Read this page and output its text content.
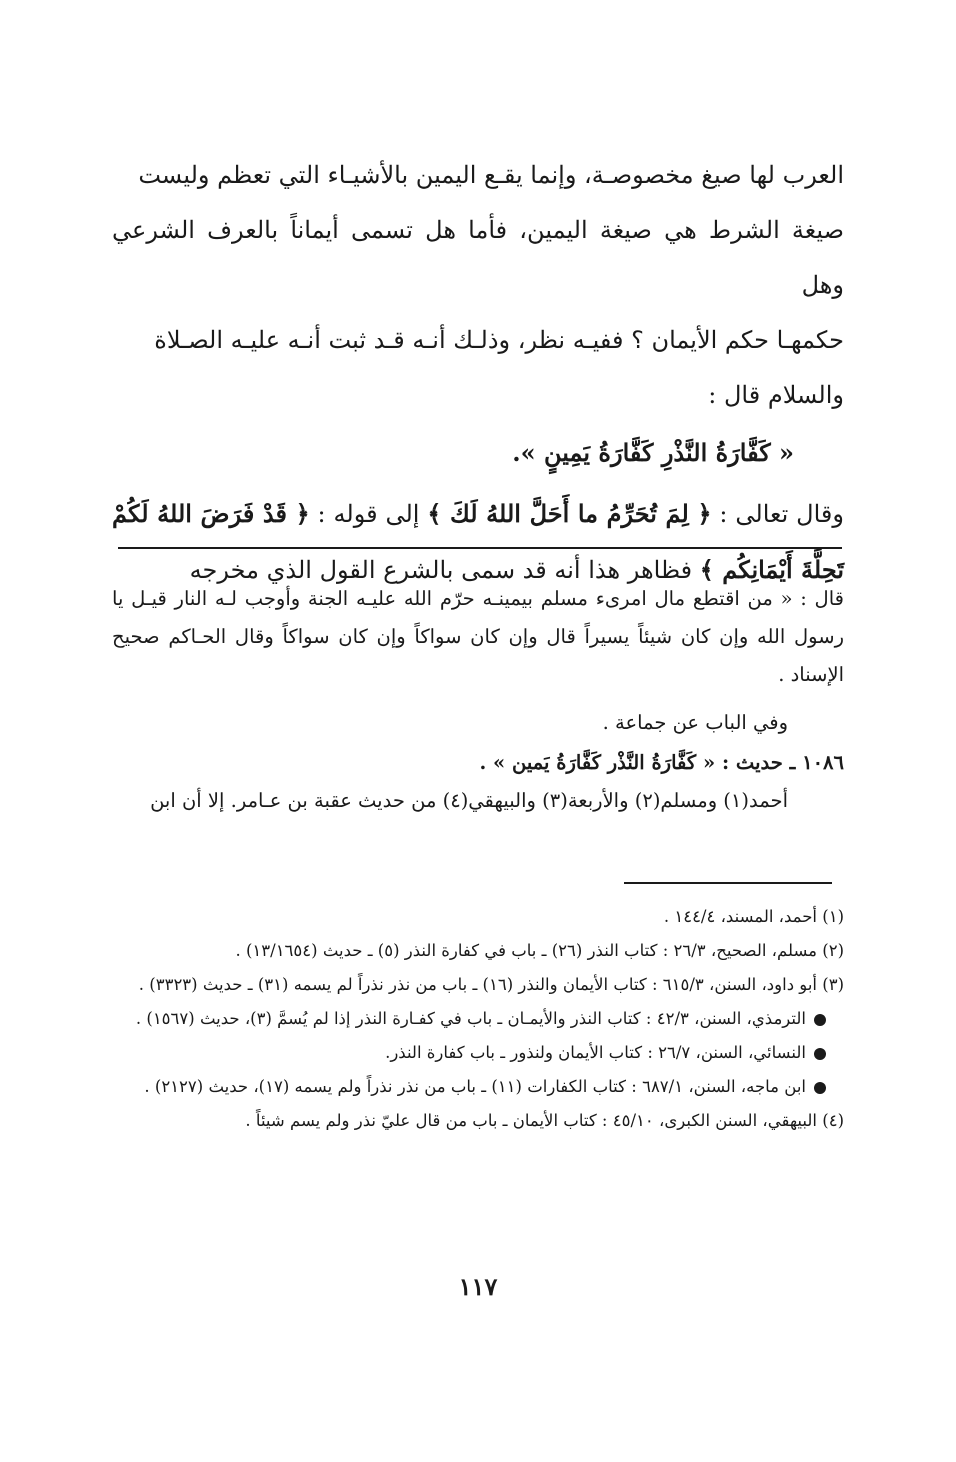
العرب لها صيغ مخصوصـة، وإنما يقـع اليمين بالأشيـاء التي تعظم وليست
صيغة الشرط هي صيغة اليمين، فأما هل تسمى أيماناً بالعرف الشرعي وهل
حكمهـا حكم الأيمان ؟ ففيـه نظر، وذلـك أنـه قـد ثبت أنـه عليـه الصـلاة
والسلام قال :

« كَفَّارَةُ النَّذْرِ كَفَّارَةُ يَمِينٍ ».

وقال تعالى : ﴿ لِمَ تُحَرِّمُ ما أَحَلَّ اللهُ لَكَ ﴾ إلى قوله : ﴿ قَدْ فَرَضَ اللهُ لَكُمْ تَحِلَّةَ أَيْمَانِكُم ﴾ فظاهر هذا أنه قد سمى بالشرع القول الذي مخرجه

قال : « من اقتطع مال امرىء مسلم بيمينـه حرّم الله عليـه الجنة وأوجب لـه النار قيـل يا رسول الله وإن كان شيئاً يسيراً قال وإن كان سواكاً وإن كان سواكاً وقال الحـاكم صحيح الإسناد .

وفي الباب عن جماعة .

١٠٨٦ ـ حديث : « كَفَّارَةُ النَّذْر كَفَّارَةُ يَمين » .

أحمد(١) ومسلم(٢) والأربعة(٣) والبيهقي(٤) من حديث عقبة بن عـامر. إلا أن ابن

(١) أحمد، المسند، ١٤٤/٤ .

(٢) مسلم، الصحيح، ٢٦/٣ : كتاب النذر (٢٦) ـ باب في كفارة النذر (٥) ـ حديث (١٣/١٦٥٤) .

(٣) أبو داود، السنن، ٦١٥/٣ : كتاب الأيمان والنذر (١٦) ـ باب من نذر نذراً لم يسمه (٣١) ـ حديث (٣٣٢٣) .

الترمذي، السنن، ٤٢/٣ : كتاب النذر والأيمـان ـ باب في كفـارة النذر إذا لم يُسمَّ (٣)، حديث (١٥٦٧) .

النسائي، السنن، ٢٦/٧ : كتاب الأيمان ولنذور ـ باب كفارة النذر.

ابن ماجه، السنن، ٦٨٧/١ : كتاب الكفارات (١١) ـ باب من نذر نذراً ولم يسمه (١٧)، حديث (٢١٢٧) .

(٤) البيهقي، السنن الكبرى، ٤٥/١٠ : كتاب الأيمان ـ باب من قال عليّ نذر ولم يسم شيئاً .

١١٧
